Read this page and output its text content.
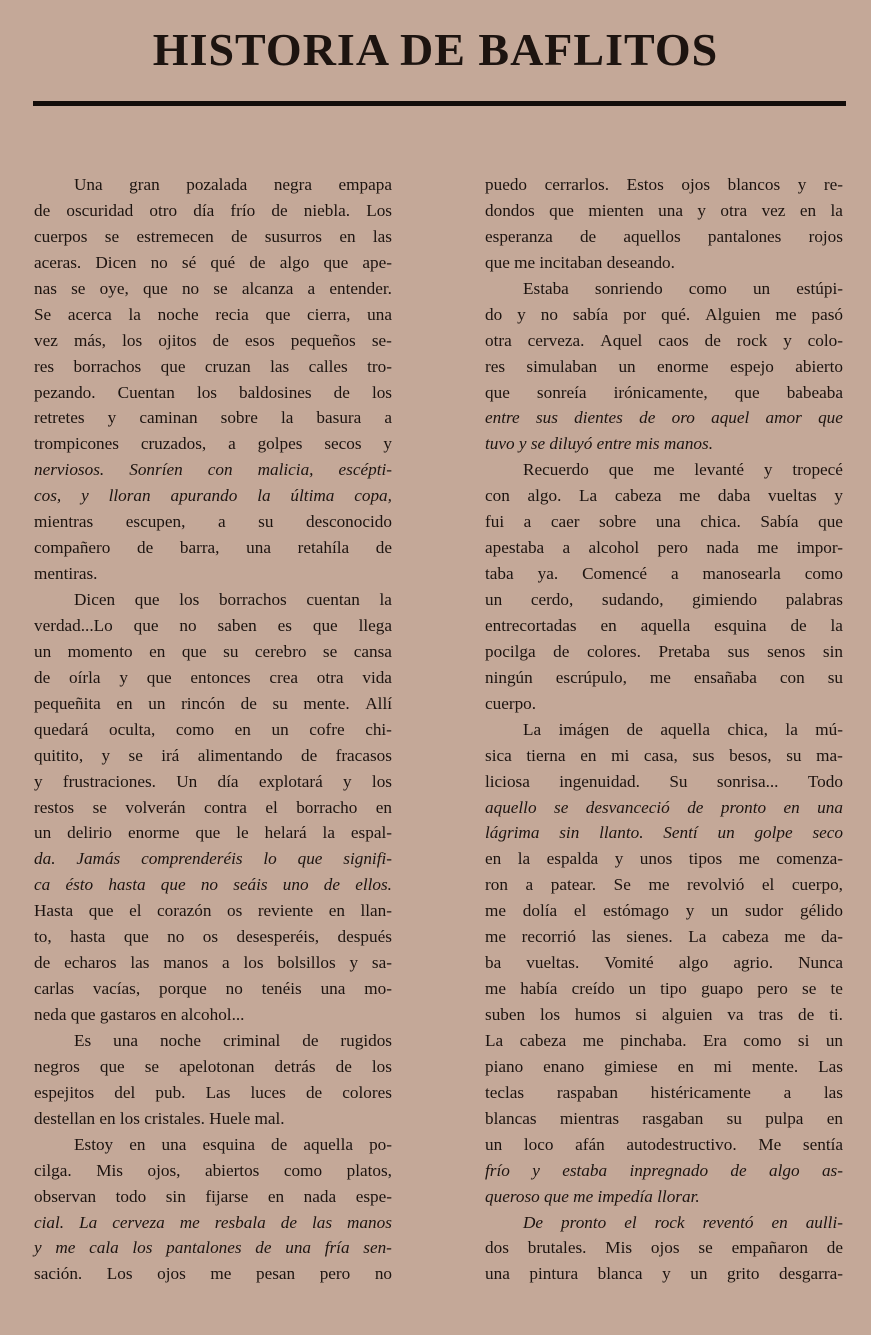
HISTORIA DE BAFLITOS
Una gran pozalada negra empapa
de oscuridad otro día frío de niebla. Los
cuerpos se estremecen de susurros en las
aceras. Dicen no sé qué de algo que ape-
nas se oye, que no se alcanza a entender.
Se acerca la noche recia que cierra, una
vez más, los ojitos de esos pequeños se-
res borrachos que cruzan las calles tro-
pezando. Cuentan los baldosines de los
retretes y caminan sobre la basura a
trompicones cruzados, a golpes secos y
nerviosos. Sonríen con malicia, escépti-
cos, y lloran apurando la última copa,
mientras escupen, a su desconocido
compañero de barra, una retahíla de
mentiras.
Dicen que los borrachos cuentan la
verdad...Lo que no saben es que llega
un momento en que su cerebro se cansa
de oírla y que entonces crea otra vida
pequeñita en un rincón de su mente. Allí
quedará oculta, como en un cofre chi-
quitito, y se irá alimentando de fracasos
y frustraciones. Un día explotará y los
restos se volverán contra el borracho en
un delirio enorme que le helará la espal-
da. Jamás comprenderéis lo que signifi-
ca ésto hasta que no seáis uno de ellos.
Hasta que el corazón os reviente en llan-
to, hasta que no os desesperéis, después
de echaros las manos a los bolsillos y sa-
carlas vacías, porque no tenéis una mo-
neda que gastaros en alcohol...
Es una noche criminal de rugidos
negros que se apelotonan detrás de los
espejitos del pub. Las luces de colores
destellan en los cristales. Huele mal.
Estoy en una esquina de aquella po-
cilga. Mis ojos, abiertos como platos,
observan todo sin fijarse en nada espe-
cial. La cerveza me resbala de las manos
y me cala los pantalones de una fría sen-
sación. Los ojos me pesan pero no
puedo cerrarlos. Estos ojos blancos y re-
dondos que mienten una y otra vez en la
esperanza de aquellos pantalones rojos
que me incitaban deseando.
Estaba sonriendo como un estúpi-
do y no sabía por qué. Alguien me pasó
otra cerveza. Aquel caos de rock y colo-
res simulaban un enorme espejo abierto
que sonreía irónicamente, que babeaba
entre sus dientes de oro aquel amor que
tuvo y se diluyó entre mis manos.
Recuerdo que me levanté y tropecé
con algo. La cabeza me daba vueltas y
fui a caer sobre una chica. Sabía que
apestaba a alcohol pero nada me impor-
taba ya. Comencé a manosearla como
un cerdo, sudando, gimiendo palabras
entrecortadas en aquella esquina de la
pocilga de colores. Pretaba sus senos sin
ningún escrúpulo, me ensañaba con su
cuerpo.
La imágen de aquella chica, la mú-
sica tierna en mi casa, sus besos, su ma-
liciosa ingenuidad. Su sonrisa... Todo
aquello se desvanceció de pronto en una
lágrima sin llanto. Sentí un golpe seco
en la espalda y unos tipos me comenza-
ron a patear. Se me revolvió el cuerpo,
me dolía el estómago y un sudor gélido
me recorrió las sienes. La cabeza me da-
ba vueltas. Vomité algo agrio. Nunca
me había creído un tipo guapo pero se te
suben los humos si alguien va tras de ti.
La cabeza me pinchaba. Era como si un
piano enano gimiese en mi mente. Las
teclas raspaban histéricamente a las
blancas mientras rasgaban su pulpa en
un loco afán autodestructivo. Me sentía
frío y estaba inpregnado de algo as-
queroso que me impedía llorar.
De pronto el rock reventó en aulli-
dos brutales. Mis ojos se empañaron de
una pintura blanca y un grito desgarra-
